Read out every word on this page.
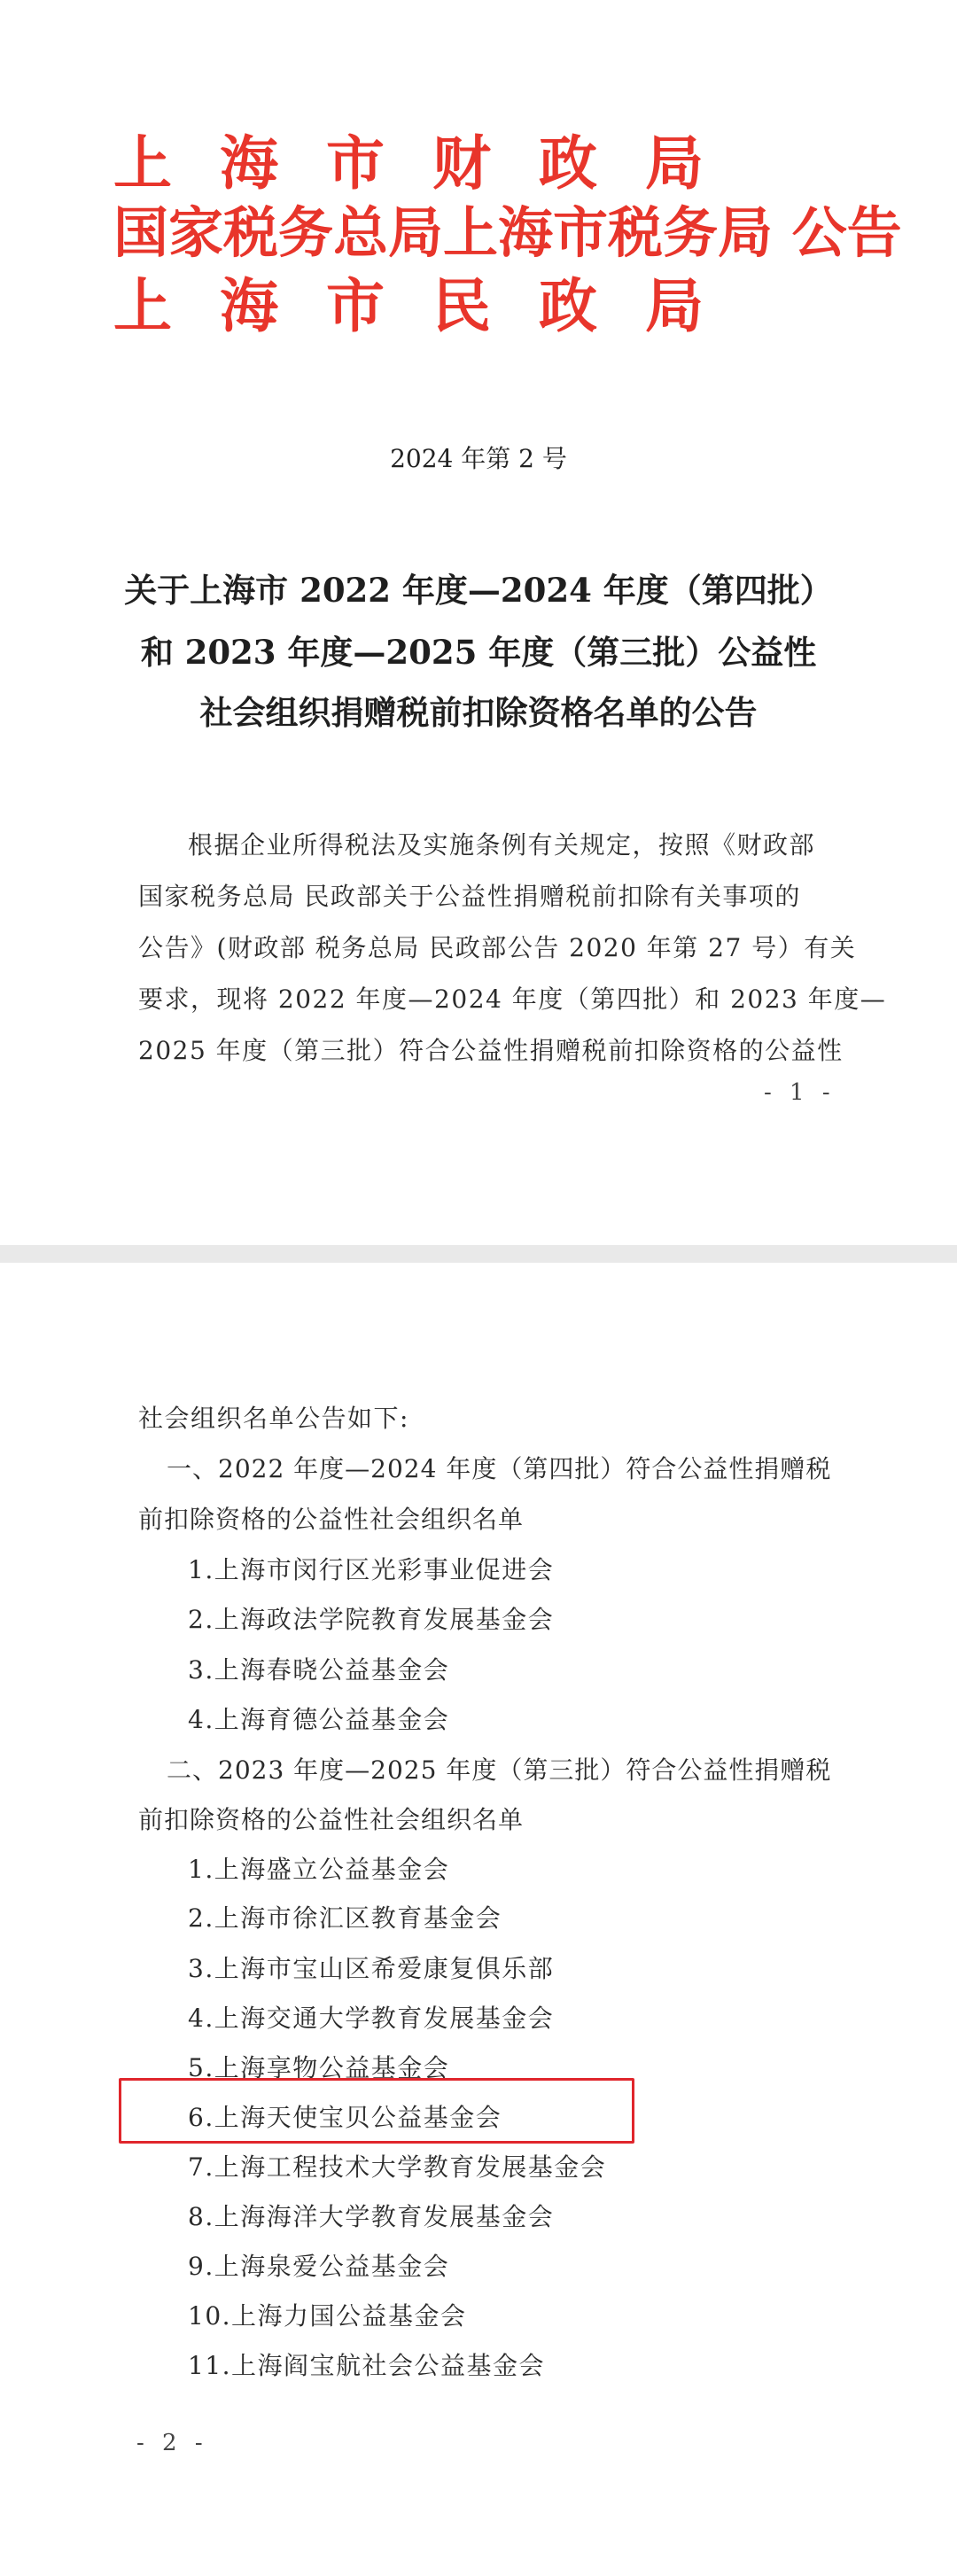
上海市财政局
国家税务总局上海市税务局 公告
上海市民政局
2024 年第 2 号
关于上海市 2022 年度—2024 年度（第四批）
和 2023 年度—2025 年度（第三批）公益性
社会组织捐赠税前扣除资格名单的公告
根据企业所得税法及实施条例有关规定，按照《财政部
国家税务总局 民政部关于公益性捐赠税前扣除有关事项的
公告》(财政部 税务总局 民政部公告 2020 年第 27 号）有关
要求，现将 2022 年度—2024 年度（第四批）和 2023 年度—
2025 年度（第三批）符合公益性捐赠税前扣除资格的公益性
- 1 -
社会组织名单公告如下:
一、2022 年度—2024 年度（第四批）符合公益性捐赠税
前扣除资格的公益性社会组织名单
1.上海市闵行区光彩事业促进会
2.上海政法学院教育发展基金会
3.上海春晓公益基金会
4.上海育德公益基金会
二、2023 年度—2025 年度（第三批）符合公益性捐赠税
前扣除资格的公益性社会组织名单
1.上海盛立公益基金会
2.上海市徐汇区教育基金会
3.上海市宝山区希爱康复俱乐部
4.上海交通大学教育发展基金会
5.上海享物公益基金会
6.上海天使宝贝公益基金会
7.上海工程技术大学教育发展基金会
8.上海海洋大学教育发展基金会
9.上海泉爱公益基金会
10.上海力国公益基金会
11.上海阎宝航社会公益基金会
- 2 -
